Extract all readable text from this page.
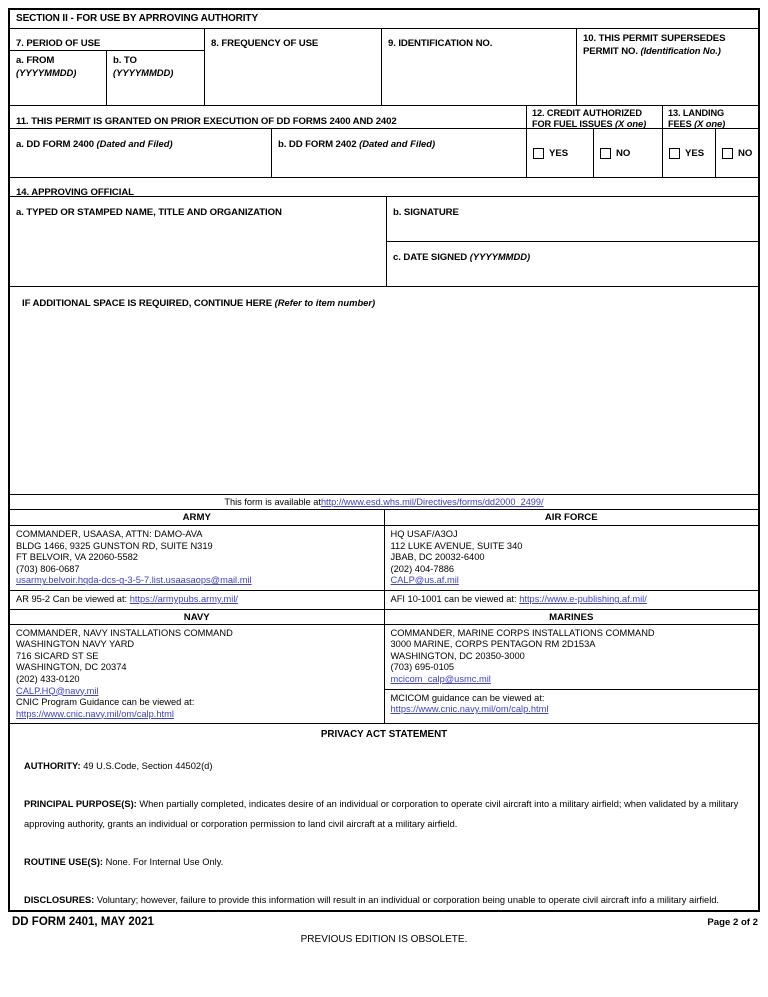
SECTION II - FOR USE BY APRROVING AUTHORITY
7. PERIOD OF USE
a. FROM
(YYYYMMDD)
b. TO
(YYYYMMDD)
8. FREQUENCY OF USE	9. IDENTIFICATION NO.	10. THIS PERMIT SUPERSEDES
PERMIT NO. (Identification No.)
11. THIS PERMIT IS GRANTED ON PRIOR EXECUTION OF DD FORMS 2400 AND 2402
a. DD FORM 2400 (Dated and Filed)	b. DD FORM 2402 (Dated and Filed)
12. CREDIT AUTHORIZED
FOR FUEL ISSUES (X one)
13. LANDING
FEES (X one)
YES	NO	YES	NO
14. APPROVING OFFICIAL
a. TYPED OR STAMPED NAME, TITLE AND ORGANIZATION	b. SIGNATURE
c. DATE SIGNED (YYYYMMDD)
IF ADDITIONAL SPACE IS REQUIRED, CONTINUE HERE (Refer to item number)
This form is available at http://www.esd.whs.mil/Directives/forms/dd2000_2499/
ARMY	AIR FORCE
COMMANDER, USAASA, ATTN: DAMO-AVA
BLDG 1466, 9325 GUNSTON RD, SUITE N319
FT BELVOIR, VA 22060-5582
(703) 806-0687
usarmy.belvoir.hqda-dcs-g-3-5-7.list.usaasaops@mail.mil
AR 95-2 Can be viewed at: https://armypubs.army.mil/
HQ USAF/A3OJ
112 LUKE AVENUE, SUITE 340
JBAB, DC 20032-6400
(202) 404-7886
CALP@us.af.mil
AFI 10-1001 can be viewed at: https://www.e-publishing.af.mil/
NAVY	MARINES
COMMANDER, NAVY INSTALLATIONS COMMAND
WASHINGTON NAVY YARD
716 SICARD ST SE
WASHINGTON, DC 20374
(202) 433-0120
CALP.HQ@navy.mil
CNIC Program Guidance can be viewed at:
https://www.cnic.navy.mil/om/calp.html
COMMANDER, MARINE CORPS INSTALLATIONS COMMAND
3000 MARINE, CORPS PENTAGON RM 2D153A
WASHINGTON, DC 20350-3000
(703) 695-0105
mcicom_calp@usmc.mil
MCICOM guidance can be viewed at:
https://www.cnic.navy.mil/om/calp.html
PRIVACY ACT STATEMENT

AUTHORITY: 49 U.S.Code, Section 44502(d)

PRINCIPAL PURPOSE(S): When partially completed, indicates desire of an individual or corporation to operate civil aircraft into a military airfield; when validated by a military approving authority, grants an individual or corporation permission to land civil aircraft at a military airfield.

ROUTINE USE(S): None. For Internal Use Only.

DISCLOSURES: Voluntary; however, failure to provide this information will result in an individual or corporation being unable to operate civil aircraft info a military airfield.

DD FORM 2401, MAY 2021	Page 2 of 2
PREVIOUS EDITION IS OBSOLETE.
